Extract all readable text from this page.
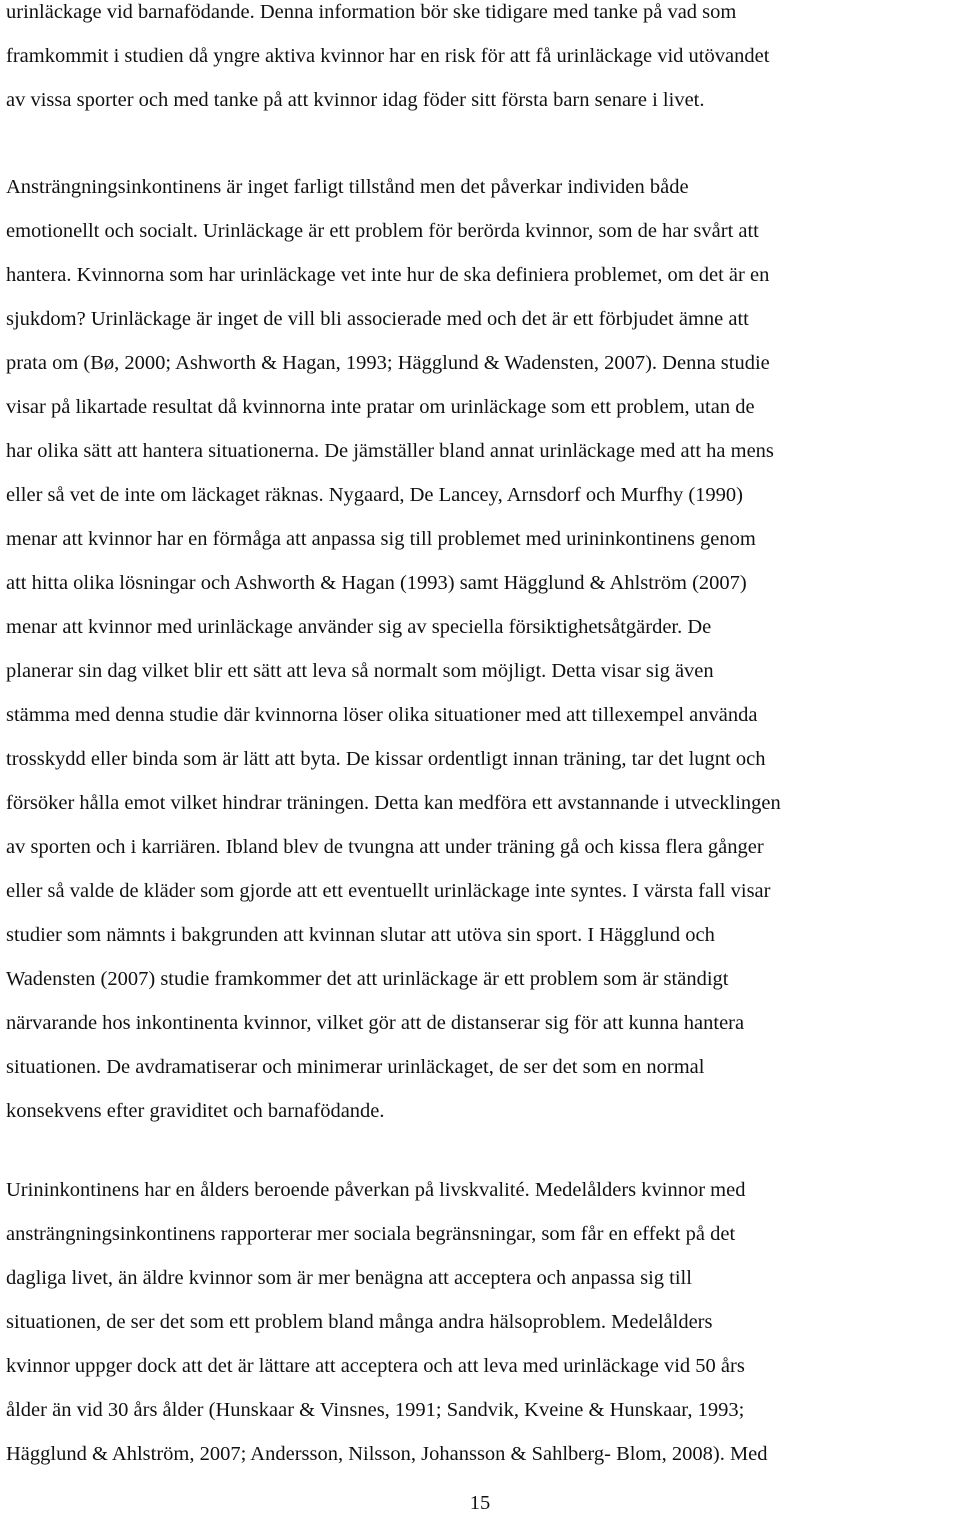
urinläckage vid barnafödande. Denna information bör ske tidigare med tanke på vad som
framkommit i studien då yngre aktiva kvinnor har en risk för att få urinläckage vid utövandet
av vissa sporter och med tanke på att kvinnor idag föder sitt första barn senare i livet.
Ansträngningsinkontinens är inget farligt tillstånd men det påverkar individen både
emotionellt och socialt. Urinläckage är ett problem för berörda kvinnor, som de har svårt att
hantera. Kvinnorna som har urinläckage vet inte hur de ska definiera problemet, om det är en
sjukdom? Urinläckage är inget de vill bli associerade med och det är ett förbjudet ämne att
prata om (Bø, 2000; Ashworth & Hagan, 1993; Hägglund & Wadensten, 2007). Denna studie
visar på likartade resultat då kvinnorna inte pratar om urinläckage som ett problem, utan de
har olika sätt att hantera situationerna. De jämställer bland annat urinläckage med att ha mens
eller så vet de inte om läckaget räknas. Nygaard, De Lancey, Arnsdorf och Murfhy (1990)
menar att kvinnor har en förmåga att anpassa sig till problemet med urininkontinens genom
att hitta olika lösningar och Ashworth & Hagan (1993) samt Hägglund & Ahlström (2007)
menar att kvinnor med urinläckage använder sig av speciella försiktighetsåtgärder. De
planerar sin dag vilket blir ett sätt att leva så normalt som möjligt. Detta visar sig även
stämma med denna studie där kvinnorna löser olika situationer med att tillexempel använda
trosskydd eller binda som är lätt att byta. De kissar ordentligt innan träning, tar det lugnt och
försöker hålla emot vilket hindrar träningen. Detta kan medföra ett avstannande i utvecklingen
av sporten och i karriären. Ibland blev de tvungna att under träning gå och kissa flera gånger
eller så valde de kläder som gjorde att ett eventuellt urinläckage inte syntes. I värsta fall visar
studier som nämnts i bakgrunden att kvinnan slutar att utöva sin sport. I Hägglund och
Wadensten (2007) studie framkommer det att urinläckage är ett problem som är ständigt
närvarande hos inkontinenta kvinnor, vilket gör att de distanserar sig för att kunna hantera
situationen. De avdramatiserar och minimerar urinläckaget, de ser det som en normal
konsekvens efter graviditet och barnafödande.
Urininkontinens har en ålders beroende påverkan på livskvalité. Medelålders kvinnor med
ansträngningsinkontinens rapporterar mer sociala begränsningar, som får en effekt på det
dagliga livet, än äldre kvinnor som är mer benägna att acceptera och anpassa sig till
situationen, de ser det som ett problem bland många andra hälsoproblem. Medelålders
kvinnor uppger dock att det är lättare att acceptera och att leva med urinläckage vid 50 års
ålder än vid 30 års ålder (Hunskaar & Vinsnes, 1991; Sandvik, Kveine & Hunskaar, 1993;
Hägglund & Ahlström, 2007; Andersson, Nilsson, Johansson & Sahlberg- Blom, 2008). Med
15
